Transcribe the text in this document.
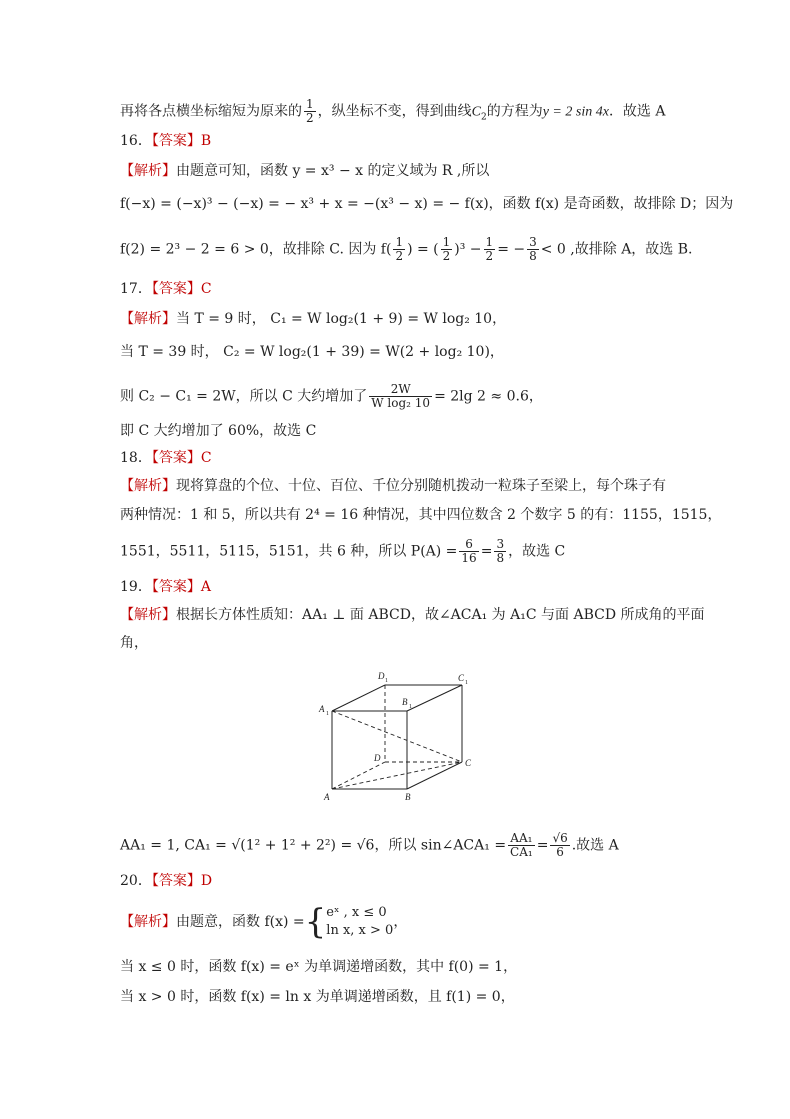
再将各点横坐标缩短为原来的 $\frac{1}{2}$ ，纵坐标不变，得到曲线$C_2$的方程为y = 2 sin 4x．故选 A
16．【答案】B
【解析】由题意可知，函数 y = x³ − x 的定义域为 R ,所以
f(−x) = (−x)³ − (−x) = − x³ + x = −(x³ − x) = − f(x)，函数 f(x) 是奇函数，故排除 D；因为
f(2) = 2³ − 2 = 6 > 0，故排除 C. 因为 $f( \frac{1}{2}$ ) = ( $\frac{1}{2} )^3 - \frac{1}{2}$ = − $\frac{3}{8} < 0$ ,故排除 A，故选 B.
17．【答案】C
【解析】当 T = 9 时， C₁ = W log₂(1 + 9) = W log₂ 10，
当 T = 39 时， C₂ = W log₂(1 + 39) = W(2 + log₂ 10)，
则 C₂ − C₁ = 2W，所以 C 大约增加了 $\frac{2W}{\text{W log₂ 10}} = 2\lg$ 2 ≈ 0.6，
即 C 大约增加了 60%，故选 C
18．【答案】C
【解析】现将算盘的个位、十位、百位、千位分别随机拨动一粒珠子至梁上，每个珠子有
两种情况：1 和 5，所以共有 2⁴ = 16 种情况，其中四位数含 2 个数字 5 的有：1155，1515，
1551，5511，5115，5151，共 6 种，所以 $P(A) = \frac{6}{16} = \frac{3}{8}$ ，故选 C
19．【答案】A
【解析】根据长方体性质知：AA₁ ⊥ 面 ABCD，故∠ACA₁ 为 A₁C 与面 ABCD 所成角的平面
角，
A	B
C
D
A 1
B 1
C 1
D 1
AA₁ = 1, CA₁ = √(1² + 1² + 2²) = √6，所以 sin∠ACA₁ = $\frac{\text{AA₁}}{\text{CA₁}} = \frac{√6}{6}$ .故选 A
20．【答案】D
【解析】由题意，函数 f(x) ={ eˣ , x ≤ 0
ln x, x > 0
，
当 x ≤ 0 时，函数 f(x) = eˣ 为单调递增函数，其中 f(0) = 1，
当 x > 0 时，函数 f(x) = ln x 为单调递增函数，且 f(1) = 0，
